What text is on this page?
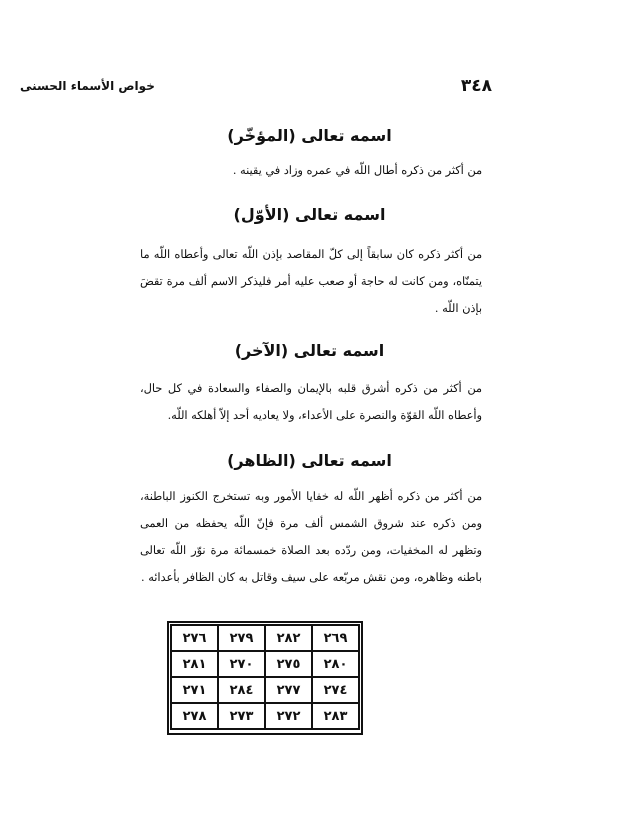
٣٤٨
خواص الأسماء الحسنى
اسمه تعالى (المؤخّر)
من أكثر من ذكره أطال اللّه في عمره وزاد في يقينه .
اسمه تعالى (الأوّل)
من أكثر ذكره كان سابقاً إلى كلّ المقاصد بإذن اللّه تعالى وأعطاه اللّه ما يتمنّاه، ومن كانت له حاجة أو صعب عليه أمر فليذكر الاسم ألف مرة تقضَ بإذن اللّه .
اسمه تعالى (الآخر)
من أكثر من ذكره أشرق قلبه بالإيمان والصفاء والسعادة في كل حال، وأعطاه اللّه القوّة والنصرة على الأعداء، ولا يعاديه أحد إلاّ أهلكه اللّه.
اسمه تعالى (الظاهر)
من أكثر من ذكره أظهر اللّه له خفايا الأمور وبه تستخرج الكنوز الباطنة، ومن ذكره عند شروق الشمس ألف مرة فإنّ اللّه يحفظه من العمى وتظهر له المخفيات، ومن ردّده بعد الصلاة خمسمائة مرة نوّر اللّه تعالى باطنه وظاهره، ومن نقش مربّعه على سيف وقاتل به كان الظافر بأعدائه .
٢٦٩	٢٨٢	٢٧٩	٢٧٦
٢٨٠	٢٧٥	٢٧٠	٢٨١
٢٧٤	٢٧٧	٢٨٤	٢٧١
٢٨٣	٢٧٢	٢٧٣	٢٧٨
